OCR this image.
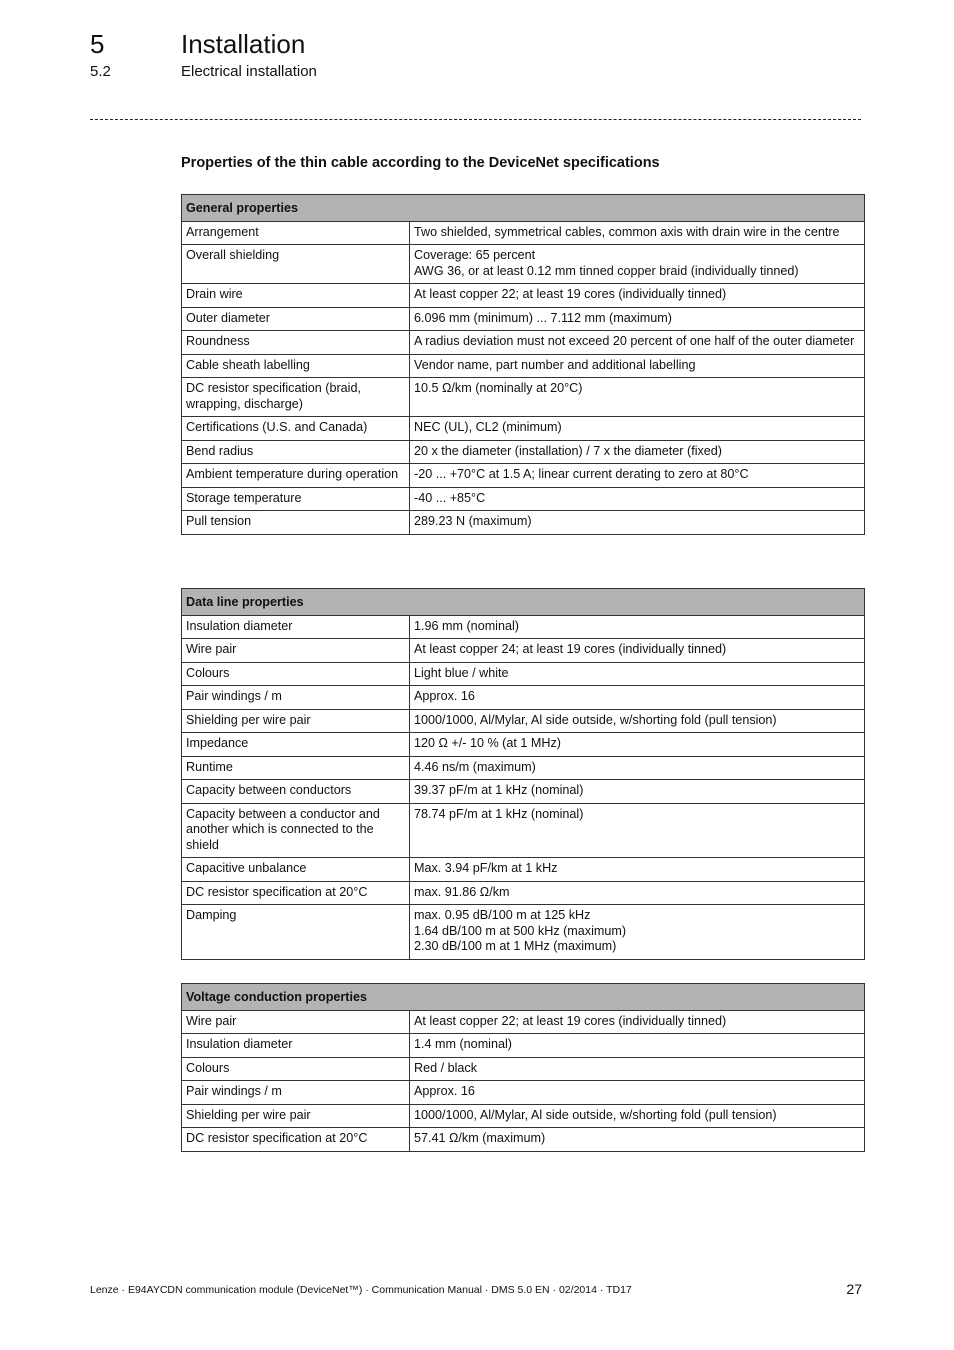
5	Installation
5.2	Electrical installation
Properties of the thin cable according to the DeviceNet specifications
General properties	
Arrangement	Two shielded, symmetrical cables, common axis with drain wire in the centre

Overall shielding	Coverage: 65 percent
AWG 36, or at least 0.12 mm tinned copper braid (individually tinned)

Drain wire	At least copper 22; at least 19 cores (individually tinned)

Outer diameter	6.096 mm (minimum) ... 7.112 mm (maximum)

Roundness	A radius deviation must not exceed 20 percent of one half of the outer diameter

Cable sheath labelling	Vendor name, part number and additional labelling

DC resistor specification (braid, wrapping, discharge)	10.5 Ω/km (nominally at 20°C)

Certifications (U.S. and Canada)	NEC (UL), CL2 (minimum)

Bend radius	20 x the diameter (installation) / 7 x the diameter (fixed)

Ambient temperature during operation	-20 ... +70°C at 1.5 A; linear current derating to zero at 80°C

Storage temperature	-40 ... +85°C

Pull tension	289.23 N (maximum)
Data line properties	
Insulation diameter	1.96 mm (nominal)

Wire pair	At least copper 24; at least 19 cores (individually tinned)

Colours	Light blue / white

Pair windings / m	Approx. 16

Shielding per wire pair	1000/1000, Al/Mylar, Al side outside, w/shorting fold (pull tension)

Impedance	120 Ω +/- 10 % (at 1 MHz)

Runtime	4.46 ns/m (maximum)

Capacity between conductors	39.37 pF/m at 1 kHz (nominal)

Capacity between a conductor and another which is connected to the shield	78.74 pF/m at 1 kHz (nominal)

Capacitive unbalance	Max. 3.94 pF/km at 1 kHz

DC resistor specification at 20°C	max. 91.86 Ω/km

Damping	max. 0.95 dB/100 m at 125 kHz
1.64 dB/100 m at 500 kHz (maximum)
2.30 dB/100 m at 1 MHz (maximum)
Voltage conduction properties	
Wire pair	At least copper 22; at least 19 cores (individually tinned)

Insulation diameter	1.4 mm (nominal)

Colours	Red / black

Pair windings / m	Approx. 16

Shielding per wire pair	1000/1000, Al/Mylar, Al side outside, w/shorting fold (pull tension)

DC resistor specification at 20°C	57.41 Ω/km (maximum)
Lenze · E94AYCDN communication module (DeviceNet™) · Communication Manual · DMS 5.0 EN · 02/2014 · TD17	27
